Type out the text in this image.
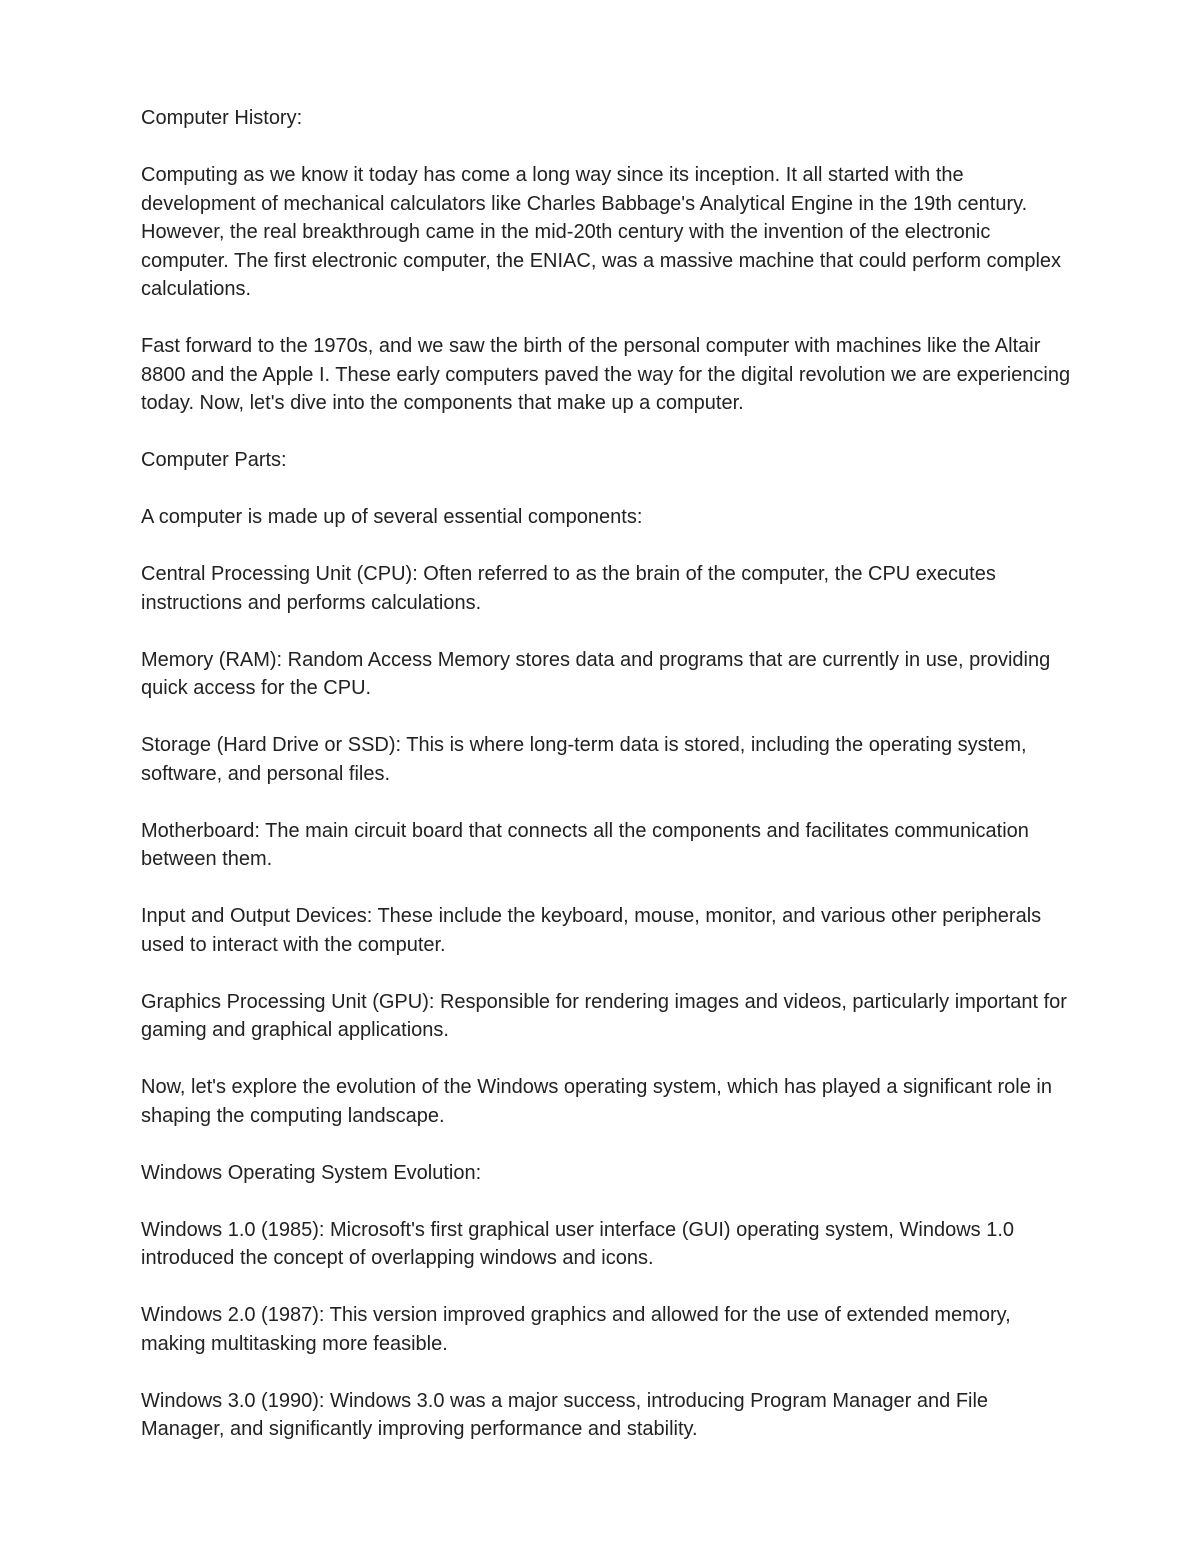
Computer History:

Computing as we know it today has come a long way since its inception. It all started with the development of mechanical calculators like Charles Babbage's Analytical Engine in the 19th century. However, the real breakthrough came in the mid-20th century with the invention of the electronic computer. The first electronic computer, the ENIAC, was a massive machine that could perform complex calculations.

Fast forward to the 1970s, and we saw the birth of the personal computer with machines like the Altair 8800 and the Apple I. These early computers paved the way for the digital revolution we are experiencing today. Now, let's dive into the components that make up a computer.

Computer Parts:

A computer is made up of several essential components:

Central Processing Unit (CPU): Often referred to as the brain of the computer, the CPU executes instructions and performs calculations.

Memory (RAM): Random Access Memory stores data and programs that are currently in use, providing quick access for the CPU.

Storage (Hard Drive or SSD): This is where long-term data is stored, including the operating system, software, and personal files.

Motherboard: The main circuit board that connects all the components and facilitates communication between them.

Input and Output Devices: These include the keyboard, mouse, monitor, and various other peripherals used to interact with the computer.

Graphics Processing Unit (GPU): Responsible for rendering images and videos, particularly important for gaming and graphical applications.

Now, let's explore the evolution of the Windows operating system, which has played a significant role in shaping the computing landscape.

Windows Operating System Evolution:

Windows 1.0 (1985): Microsoft's first graphical user interface (GUI) operating system, Windows 1.0 introduced the concept of overlapping windows and icons.

Windows 2.0 (1987): This version improved graphics and allowed for the use of extended memory, making multitasking more feasible.

Windows 3.0 (1990): Windows 3.0 was a major success, introducing Program Manager and File Manager, and significantly improving performance and stability.
